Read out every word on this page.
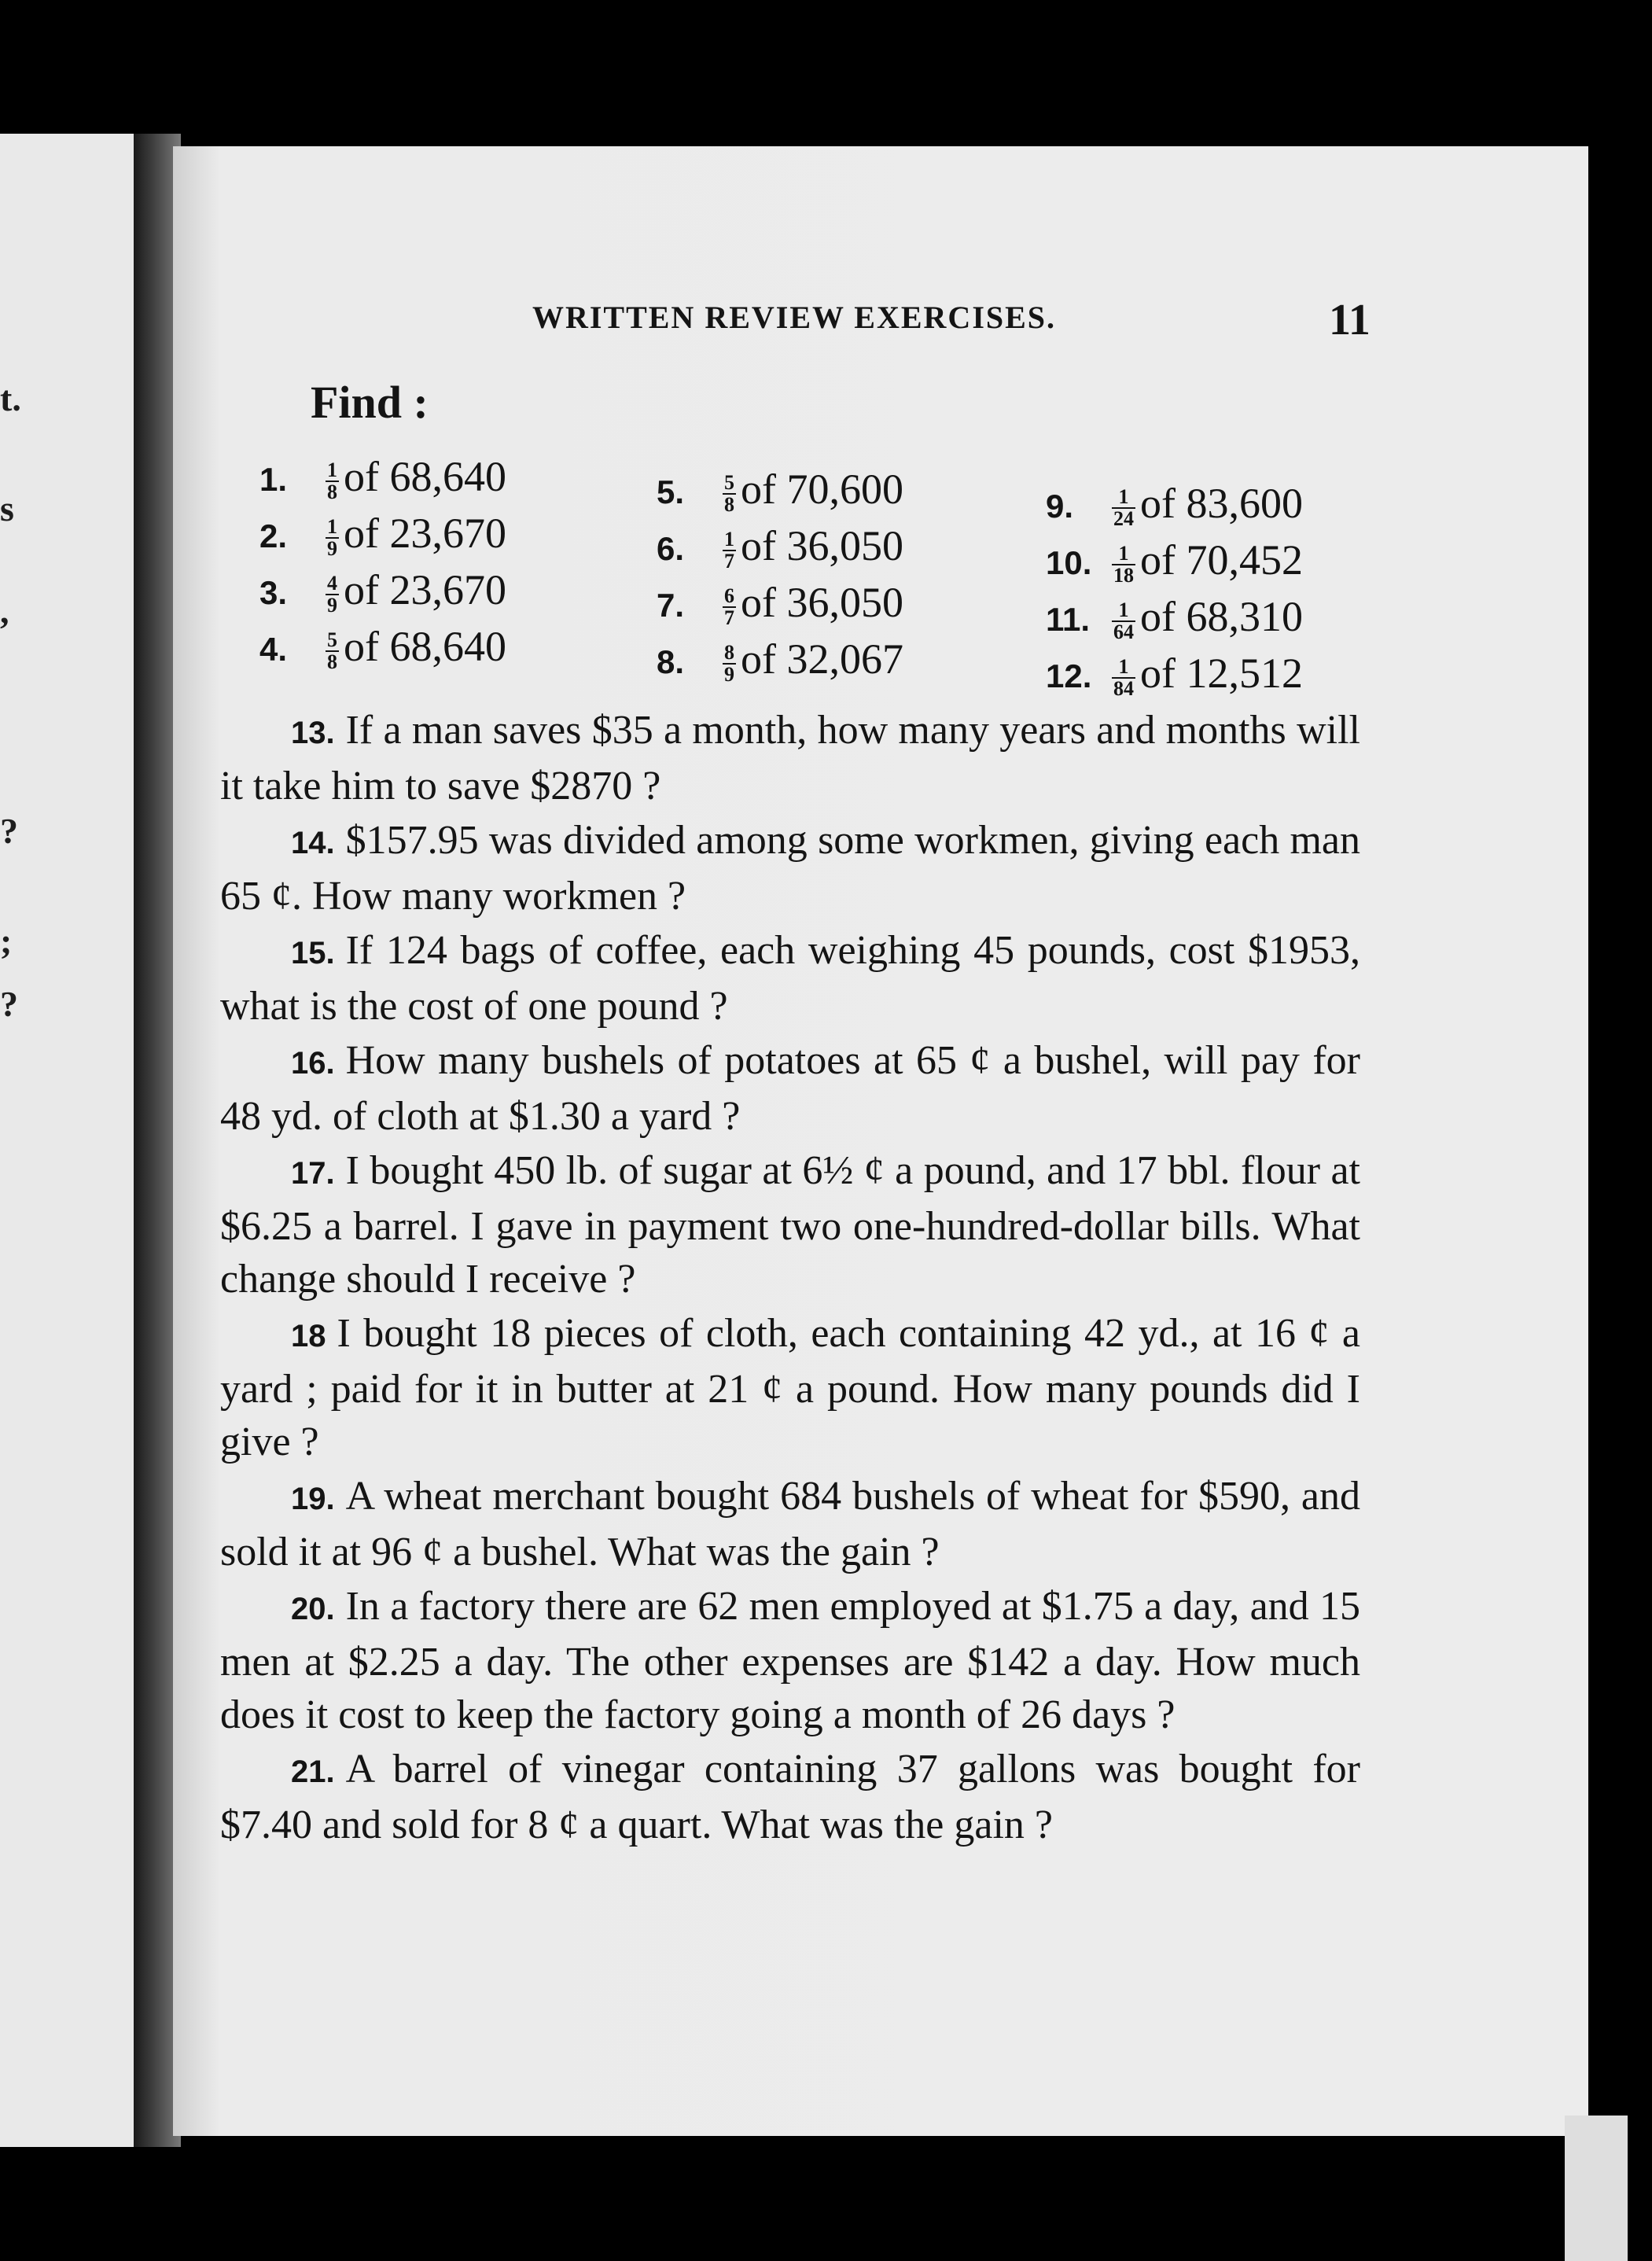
t.
s
,
?
;
?
WRITTEN REVIEW EXERCISES.	11
Find :
1. $\frac{1}{8}$ of 68,640
2. $\frac{1}{9}$ of 23,670
3. $\frac{4}{9}$ of 23,670
4. $\frac{5}{8}$ of 68,640
5. $\frac{5}{8}$ of 70,600
6. $\frac{1}{7}$ of 36,050
7. $\frac{6}{7}$ of 36,050
8. $\frac{8}{9}$ of 32,067
9. $\frac{1}{24}$ of 83,600
10. $\frac{1}{18}$ of 70,452
11. $\frac{1}{64}$ of 68,310
12. $\frac{1}{84}$ of 12,512

13. If a man saves $35 a month, how many years and months will it take him to save $2870 ?

14. $157.95 was divided among some workmen, giving each man 65 ¢. How many workmen ?

15. If 124 bags of coffee, each weighing 45 pounds, cost $1953, what is the cost of one pound ?

16. How many bushels of potatoes at 65 ¢ a bushel, will pay for 48 yd. of cloth at $1.30 a yard ?

17. I bought 450 lb. of sugar at 6½ ¢ a pound, and 17 bbl. flour at $6.25 a barrel. I gave in payment two one-hundred-dollar bills. What change should I receive ?

18 I bought 18 pieces of cloth, each containing 42 yd., at 16 ¢ a yard ; paid for it in butter at 21 ¢ a pound. How many pounds did I give ?

19. A wheat merchant bought 684 bushels of wheat for $590, and sold it at 96 ¢ a bushel. What was the gain ?

20. In a factory there are 62 men employed at $1.75 a day, and 15 men at $2.25 a day. The other expenses are $142 a day. How much does it cost to keep the factory going a month of 26 days ?

21. A barrel of vinegar containing 37 gallons was bought for $7.40 and sold for 8 ¢ a quart. What was the gain ?
